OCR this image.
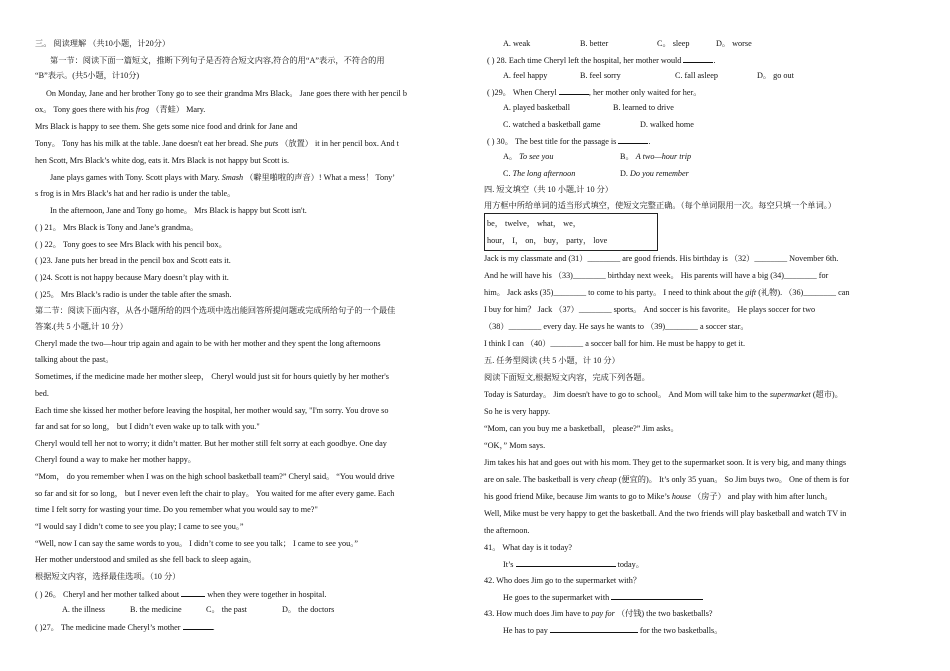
三。 阅读理解 （共10小题，计20分）
第一节：阅读下面一篇短文，推断下列句子是否符合短文内容,符合的用“A”表示，不符合的用
“B”表示。(共5小题，计10分)
On Monday, Jane and her brother Tony go to see their grandma Mrs Black。 Jane goes there with her pencil b
ox。 Tony goes there with his frog （青蛙） Mary.
Mrs Black is happy to see them. She gets some nice food and drink for Jane and
Tony。 Tony has his milk at the table. Jane doesn't eat her bread. She puts （放置） it in her pencil box. And t
hen Scott, Mrs Black’s white dog, eats it. Mrs Black is not happy but Scott is.
Jane plays games with Tony. Scott plays with Mary. Smash （噼里啪啦的声音）! What a mess！ Tony’
s frog is in Mrs Black’s hat and her radio is under the table。
In the afternoon, Jane and Tony go home。 Mrs Black is happy but Scott isn't.
( ) 21。 Mrs Black is Tony and Jane’s grandma。
( ) 22。 Tony goes to see Mrs Black with his pencil box。
( )23. Jane puts her bread in the pencil box and Scott eats it.
( )24. Scott is not happy because Mary doesn’t play with it.
( )25。 Mrs Black’s radio is under the table after the smash.
第二节：阅读下面内容，从各小题所给的四个选项中选出能回答所提问题或完成所给句子的一个最佳
答案.(共 5 小题,计 10 分）
Cheryl made the two—hour trip again and again to be with her mother and they spent the long afternoons
talking about the past。
Sometimes, if the medicine made her mother sleep， Cheryl would just sit for hours quietly by her mother's
bed.
Each time she kissed her mother before leaving the hospital, her mother would say, "I'm sorry. You drove so
far and sat for so long， but I didn’t even wake up to talk with you."
Cheryl would tell her not to worry; it didn’t matter. But her mother still felt sorry at each goodbye. One day
Cheryl found a way to make her mother happy。
“Mom， do you remember when I was on the high school basketball team?” Cheryl said。 “You would drive
so far and sit for so long， but I never even left the chair to play。 You waited for me after every game. Each
time I felt sorry for wasting your time. Do you remember what you would say to me?"
“I would say I didn’t come to see you play; I came to see you。”
“Well, now I can say the same words to you。 I didn’t come to see you talk； I came to see you。”
Her mother understood and smiled as she fell back to sleep again。
根据短文内容，选择最佳选项。（10 分）
( ) 26。 Cheryl and her mother talked about	when they were together in hospital.
A. the illness	B. the medicine	C。 the past	D。 the doctors
( )27。 The medicine made Cheryl’s mother	.
A. weak	B. better	C。 sleep	D。 worse
( ) 28. Each time Cheryl left the hospital, her mother would	.
A. feel happy	B. feel sorry	C. fall asleep	D。 go out
( )29。 When Cheryl	, her mother only waited for her。
A. played basketball	B. learned to drive
C. watched a basketball game	D. walked home
( ) 30。 The best title for the passage is	.
A。 To see you	B。 A two—hour trip
C. The long afternoon	D. Do you remember
四. 短文填空（共 10 小题,计 10 分）
用方框中所给单词的适当形式填空，使短文完整正确。（每个单词限用一次。每空只填一个单词。）
be， twelve， what， we，
hour， I， on， buy， party， love
Jack is my classmate and (31）________ are good friends. His birthday is （32）________ November 6th.
And he will have his （33)________ birthday next week。 His parents will have a big (34)________ for
him。 Jack asks (35)________ to come to his party。 I need to think about the gift (礼物). （36)________ can
I buy for him？ Jack （37）________ sports。 And soccer is his favorite。 He plays soccer for two
（38）________ every day. He says he wants to （39)________ a soccer star。
I think I can （40）________ a soccer ball for him. He must be happy to get it.
五. 任务型阅读 (共 5 小题，计 10 分）
阅读下面短文,根据短文内容，完成下列各题。
Today is Saturday。 Jim doesn't have to go to school。 And Mom will take him to the supermarket (超市)。
So he is very happy.
“Mom, can you buy me a basketball， please?” Jim asks。
“OK，” Mom says.
Jim takes his hat and goes out with his mom. They get to the supermarket soon. It is very big, and many things
are on sale. The basketball is very cheap (便宜的)。 It’s only 35 yuan。 So Jim buys two。 One of them is for
his good friend Mike, because Jim wants to go to Mike’s house （房子） and play with him after lunch。
Well, Mike must be very happy to get the basketball. And the two friends will play basketball and watch TV in
the afternoon.
41。 What day is it today?
It’s	today。
42. Who does Jim go to the supermarket with？
He goes to the supermarket with
43. How much does Jim have to pay for （付钱) the two basketballs?
He has to pay	for the two basketballs。
